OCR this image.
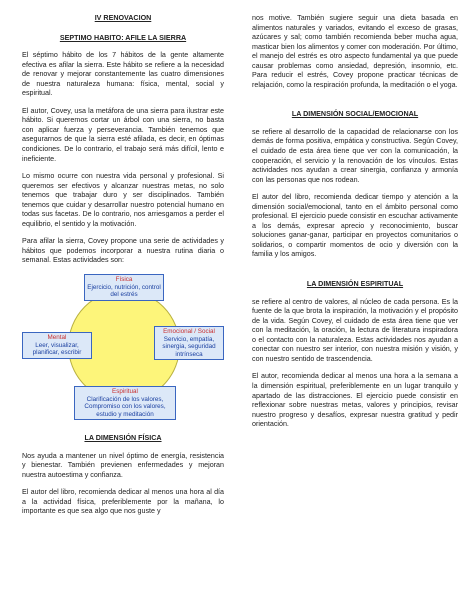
IV RENOVACION
SEPTIMO HABITO: AFILE LA SIERRA

El séptimo hábito de los 7 hábitos de la gente altamente efectiva es afilar la sierra. Este hábito se refiere a la necesidad de renovar y mejorar constantemente las cuatro dimensiones de nuestra naturaleza humana: física, mental, social y espiritual.

El autor, Covey, usa la metáfora de una sierra para ilustrar este hábito. Si queremos cortar un árbol con una sierra, no basta con aplicar fuerza y perseverancia. También tenemos que asegurarnos de que la sierra esté afilada, es decir, en óptimas condiciones. De lo contrario, el trabajo será más difícil, lento e ineficiente.

Lo mismo ocurre con nuestra vida personal y profesional. Si queremos ser efectivos y alcanzar nuestras metas, no solo tenemos que trabajar duro y ser disciplinados. También tenemos que cuidar y desarrollar nuestro potencial humano en todas sus facetas. De lo contrario, nos arriesgamos a perder el equilibrio, el sentido y la motivación.

Para afilar la sierra, Covey propone una serie de actividades y hábitos que podemos incorporar a nuestra rutina diaria o semanal. Estas actividades son:

Física
Ejercicio, nutrición, control del estrés
Mental
Leer, visualizar, planificar, escribir
Emocional / Social
Servicio, empatía, sinergia, seguridad intrínseca
Espiritual
Clarificación de los valores, Compromiso con los valores, estudio y meditación
LA DIMENSIÓN FÍSICA

Nos ayuda a mantener un nivel óptimo de energía, resistencia y bienestar. También previenen enfermedades y mejoran nuestra autoestima y confianza.

El autor del libro, recomienda dedicar al menos una hora al día a la actividad física, preferiblemente por la mañana, lo importante es que sea algo que nos guste y

nos motive. También sugiere seguir una dieta basada en alimentos naturales y variados, evitando el exceso de grasas, azúcares y sal; como también recomienda beber mucha agua, masticar bien los alimentos y comer con moderación. Por último, el manejo del estrés es otro aspecto fundamental ya que puede causar problemas como ansiedad, depresión, insomnio, etc. Para reducir el estrés, Covey propone practicar técnicas de relajación, como la respiración profunda, la meditación o el yoga.

LA DIMENSIÓN SOCIAL/EMOCIONAL

se refiere al desarrollo de la capacidad de relacionarse con los demás de forma positiva, empática y constructiva. Según Covey, el cuidado de esta área tiene que ver con la comunicación, la cooperación, el servicio y la renovación de los vínculos. Estas actividades nos ayudan a crear sinergia, confianza y armonía con las personas que nos rodean.

El autor del libro, recomienda dedicar tiempo y atención a la dimensión social/emocional, tanto en el ámbito personal como profesional. El ejercicio puede consistir en escuchar activamente a los demás, expresar aprecio y reconocimiento, buscar soluciones ganar-ganar, participar en proyectos comunitarios o solidarios, o compartir momentos de ocio y diversión con la familia y los amigos.

LA DIMENSIÓN ESPIRITUAL

se refiere al centro de valores, al núcleo de cada persona. Es la fuente de la que brota la inspiración, la motivación y el propósito de la vida. Según Covey, el cuidado de esta área tiene que ver con la meditación, la oración, la lectura de literatura inspiradora o el contacto con la naturaleza. Estas actividades nos ayudan a conectar con nuestro ser interior, con nuestra misión y visión, y con nuestro sentido de trascendencia.

El autor, recomienda dedicar al menos una hora a la semana a la dimensión espiritual, preferiblemente en un lugar tranquilo y apartado de las distracciones. El ejercicio puede consistir en reflexionar sobre nuestras metas, valores y principios, revisar nuestro progreso y desafíos, expresar nuestra gratitud y pedir orientación.
